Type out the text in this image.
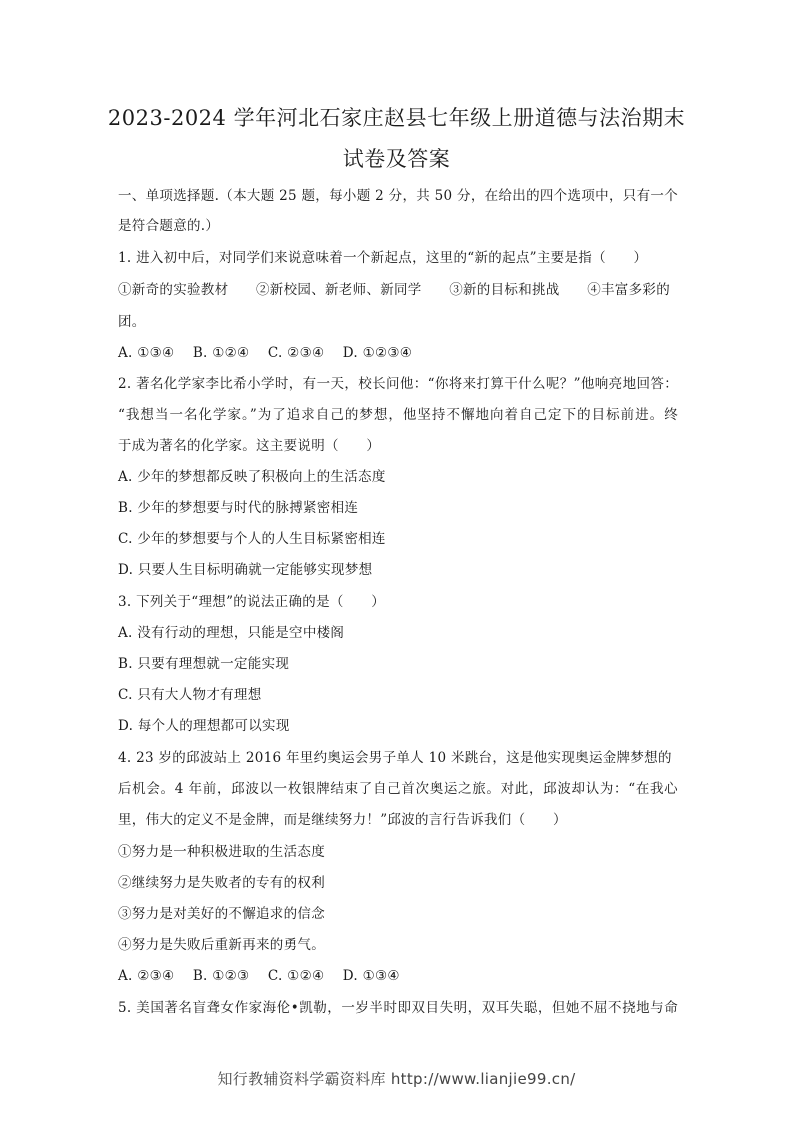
2023-2024 学年河北石家庄赵县七年级上册道德与法治期末
试卷及答案
一、单项选择题.（本大题 25 题，每小题 2 分，共 50 分，在给出的四个选项中，只有一个
是符合题意的.）
1. 进入初中后，对同学们来说意味着一个新起点，这里的“新的起点”主要是指（　　）
①新奇的实验教材　　②新校园、新老师、新同学　　③新的目标和挑战　　④丰富多彩的
团。
A. ①③④　 B. ①②④　 C. ②③④　 D. ①②③④
2. 著名化学家李比希小学时，有一天，校长问他：“你将来打算干什么呢？”他响亮地回答：
“我想当一名化学家。”为了追求自己的梦想，他坚持不懈地向着自己定下的目标前进。终
于成为著名的化学家。这主要说明（　　）
A. 少年的梦想都反映了积极向上的生活态度
B. 少年的梦想要与时代的脉搏紧密相连
C. 少年的梦想要与个人的人生目标紧密相连
D. 只要人生目标明确就一定能够实现梦想
3. 下列关于“理想”的说法正确的是（　　）
A. 没有行动的理想，只能是空中楼阁
B. 只要有理想就一定能实现
C. 只有大人物才有理想
D. 每个人的理想都可以实现
4. 23 岁的邱波站上 2016 年里约奥运会男子单人 10 米跳台，这是他实现奥运金牌梦想的
后机会。4 年前，邱波以一枚银牌结束了自己首次奥运之旅。对此，邱波却认为：“在我心
里，伟大的定义不是金牌，而是继续努力！”邱波的言行告诉我们（　　）
①努力是一种积极进取的生活态度
②继续努力是失败者的专有的权利
③努力是对美好的不懈追求的信念
④努力是失败后重新再来的勇气。
A. ②③④　 B. ①②③　 C. ①②④　 D. ①③④
5. 美国著名盲聋女作家海伦•凯勒，一岁半时即双目失明，双耳失聪，但她不屈不挠地与命
知行教辅资料学霸资料库 http://www.lianjie99.cn/
